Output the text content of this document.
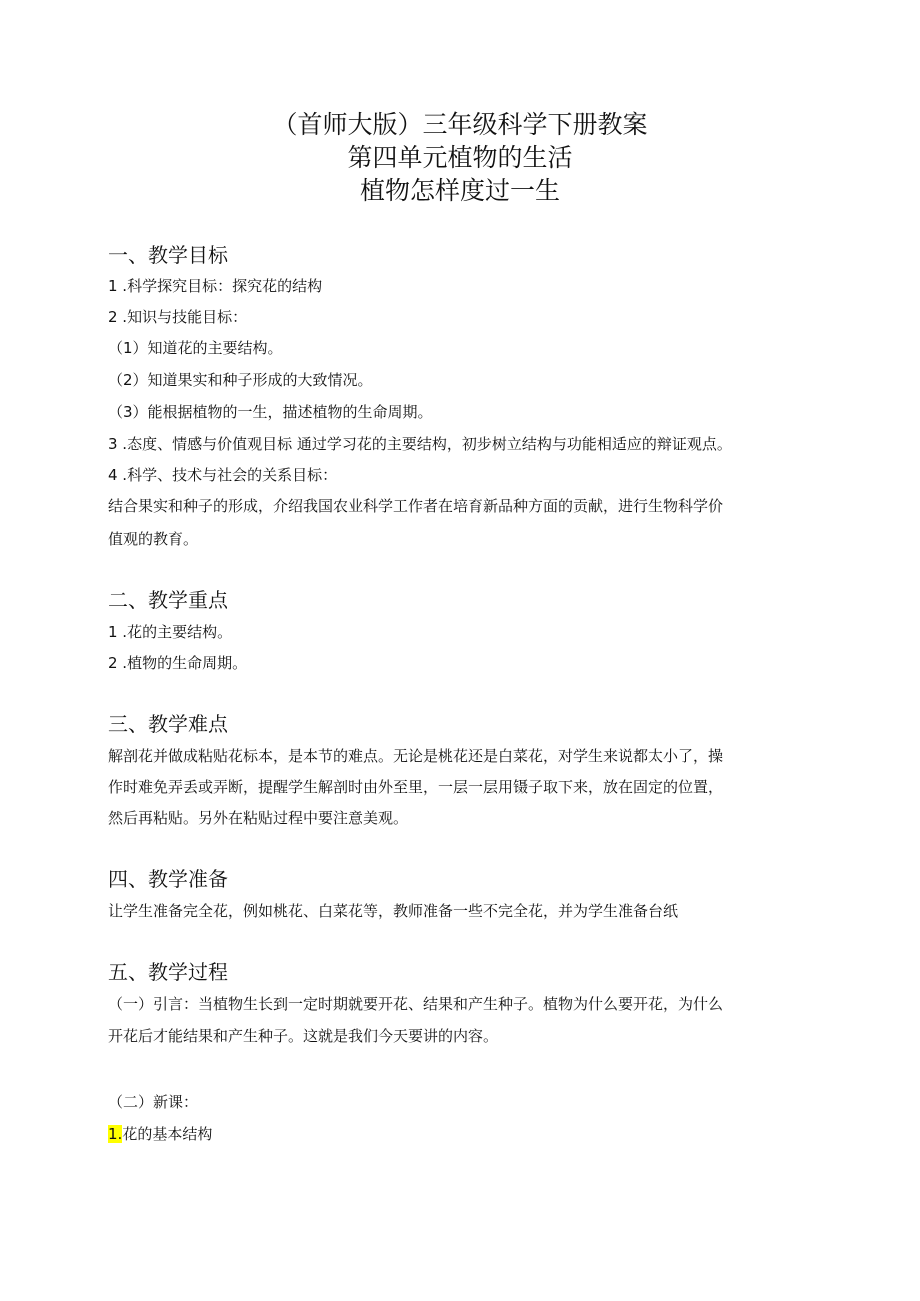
（首师大版）三年级科学下册教案
第四单元植物的生活
植物怎样度过一生
一、教学目标
1 .科学探究目标：探究花的结构
2 .知识与技能目标：
（1）知道花的主要结构。
（2）知道果实和种子形成的大致情况。
（3）能根据植物的一生，描述植物的生命周期。
3 .态度、情感与价值观目标 通过学习花的主要结构，初步树立结构与功能相适应的辩证观点。
4 .科学、技术与社会的关系目标：
结合果实和种子的形成，介绍我国农业科学工作者在培育新品种方面的贡献，进行生物科学价
值观的教育。
二、教学重点
1 .花的主要结构。
2 .植物的生命周期。
三、教学难点
解剖花并做成粘贴花标本，是本节的难点。无论是桃花还是白菜花，对学生来说都太小了，操
作时难免弄丢或弄断，提醒学生解剖时由外至里，一层一层用镊子取下来，放在固定的位置，
然后再粘贴。另外在粘贴过程中要注意美观。
四、教学准备
让学生准备完全花，例如桃花、白菜花等，教师准备一些不完全花，并为学生准备台纸
五、教学过程
（一）引言：当植物生长到一定时期就要开花、结果和产生种子。植物为什么要开花，为什么
开花后才能结果和产生种子。这就是我们今天要讲的内容。
（二）新课：
1.花的基本结构
